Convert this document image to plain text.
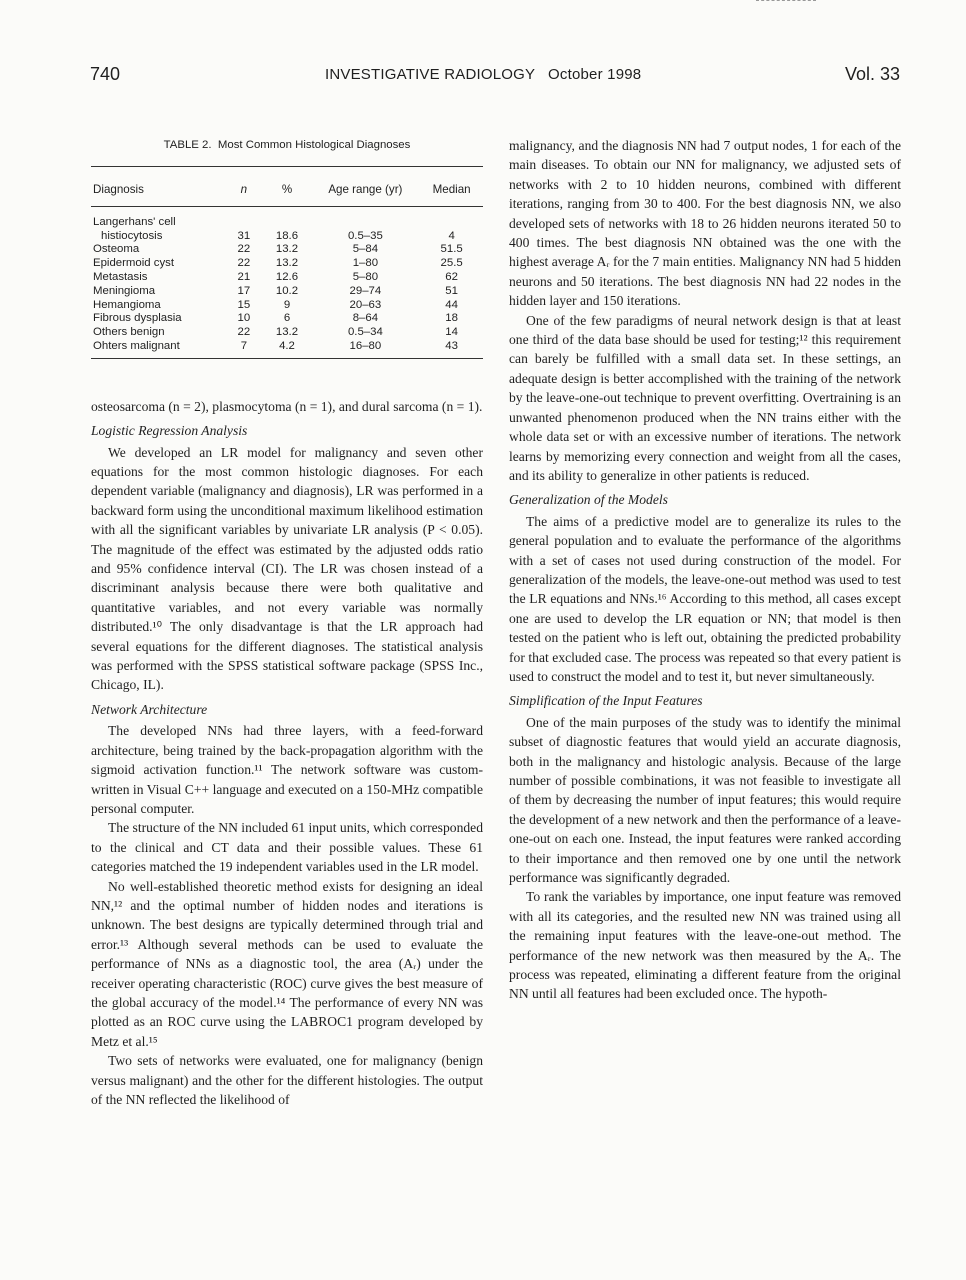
740	INVESTIGATIVE RADIOLOGY   October 1998	Vol. 33
TABLE 2.  Most Common Histological Diagnoses
Diagnosis	n	%	Age range (yr)	Median
Langerhans' cell				
histiocytosis	31	18.6	0.5–35	4
Osteoma	22	13.2	5–84	51.5
Epidermoid cyst	22	13.2	1–80	25.5
Metastasis	21	12.6	5–80	62
Meningioma	17	10.2	29–74	51
Hemangioma	15	9	20–63	44
Fibrous dysplasia	10	6	8–64	18
Others benign	22	13.2	0.5–34	14
Ohters malignant	7	4.2	16–80	43

osteosarcoma (n = 2), plasmocytoma (n = 1), and dural sarcoma (n = 1).

Logistic Regression Analysis

We developed an LR model for malignancy and seven other equations for the most common histologic diagnoses. For each dependent variable (malignancy and diagnosis), LR was performed in a backward form using the unconditional maximum likelihood estimation with all the significant variables by univariate LR analysis (P < 0.05). The magnitude of the effect was estimated by the adjusted odds ratio and 95% confidence interval (CI). The LR was chosen instead of a discriminant analysis because there were both qualitative and quantitative variables, and not every variable was normally distributed.¹⁰ The only disadvantage is that the LR approach had several equations for the different diagnoses. The statistical analysis was performed with the SPSS statistical software package (SPSS Inc., Chicago, IL).

Network Architecture

The developed NNs had three layers, with a feed-forward architecture, being trained by the back-propagation algorithm with the sigmoid activation function.¹¹ The network software was custom-written in Visual C++ language and executed on a 150-MHz compatible personal computer.

The structure of the NN included 61 input units, which corresponded to the clinical and CT data and their possible values. These 61 categories matched the 19 independent variables used in the LR model.

No well-established theoretic method exists for designing an ideal NN,¹² and the optimal number of hidden nodes and iterations is unknown. The best designs are typically determined through trial and error.¹³ Although several methods can be used to evaluate the performance of NNs as a diagnostic tool, the area (Aᵣ) under the receiver operating characteristic (ROC) curve gives the best measure of the global accuracy of the model.¹⁴ The performance of every NN was plotted as an ROC curve using the LABROC1 program developed by Metz et al.¹⁵

Two sets of networks were evaluated, one for malignancy (benign versus malignant) and the other for the different histologies. The output of the NN reflected the likelihood of

malignancy, and the diagnosis NN had 7 output nodes, 1 for each of the main diseases. To obtain our NN for malignancy, we adjusted sets of networks with 2 to 10 hidden neurons, combined with different iterations, ranging from 30 to 400. For the best diagnosis NN, we also developed sets of networks with 18 to 26 hidden neurons iterated 50 to 400 times. The best diagnosis NN obtained was the one with the highest average Aᵣ for the 7 main entities. Malignancy NN had 5 hidden neurons and 50 iterations. The best diagnosis NN had 22 nodes in the hidden layer and 150 iterations.

One of the few paradigms of neural network design is that at least one third of the data base should be used for testing;¹² this requirement can barely be fulfilled with a small data set. In these settings, an adequate design is better accomplished with the training of the network by the leave-one-out technique to prevent overfitting. Overtraining is an unwanted phenomenon produced when the NN trains either with the whole data set or with an excessive number of iterations. The network learns by memorizing every connection and weight from all the cases, and its ability to generalize in other patients is reduced.

Generalization of the Models

The aims of a predictive model are to generalize its rules to the general population and to evaluate the performance of the algorithms with a set of cases not used during construction of the model. For generalization of the models, the leave-one-out method was used to test the LR equations and NNs.¹⁶ According to this method, all cases except one are used to develop the LR equation or NN; that model is then tested on the patient who is left out, obtaining the predicted probability for that excluded case. The process was repeated so that every patient is used to construct the model and to test it, but never simultaneously.

Simplification of the Input Features

One of the main purposes of the study was to identify the minimal subset of diagnostic features that would yield an accurate diagnosis, both in the malignancy and histologic analysis. Because of the large number of possible combinations, it was not feasible to investigate all of them by decreasing the number of input features; this would require the development of a new network and then the performance of a leave-one-out on each one. Instead, the input features were ranked according to their importance and then removed one by one until the network performance was significantly degraded.

To rank the variables by importance, one input feature was removed with all its categories, and the resulted new NN was trained using all the remaining input features with the leave-one-out method. The performance of the new network was then measured by the Aᵣ. The process was repeated, eliminating a different feature from the original NN until all features had been excluded once. The hypoth-
